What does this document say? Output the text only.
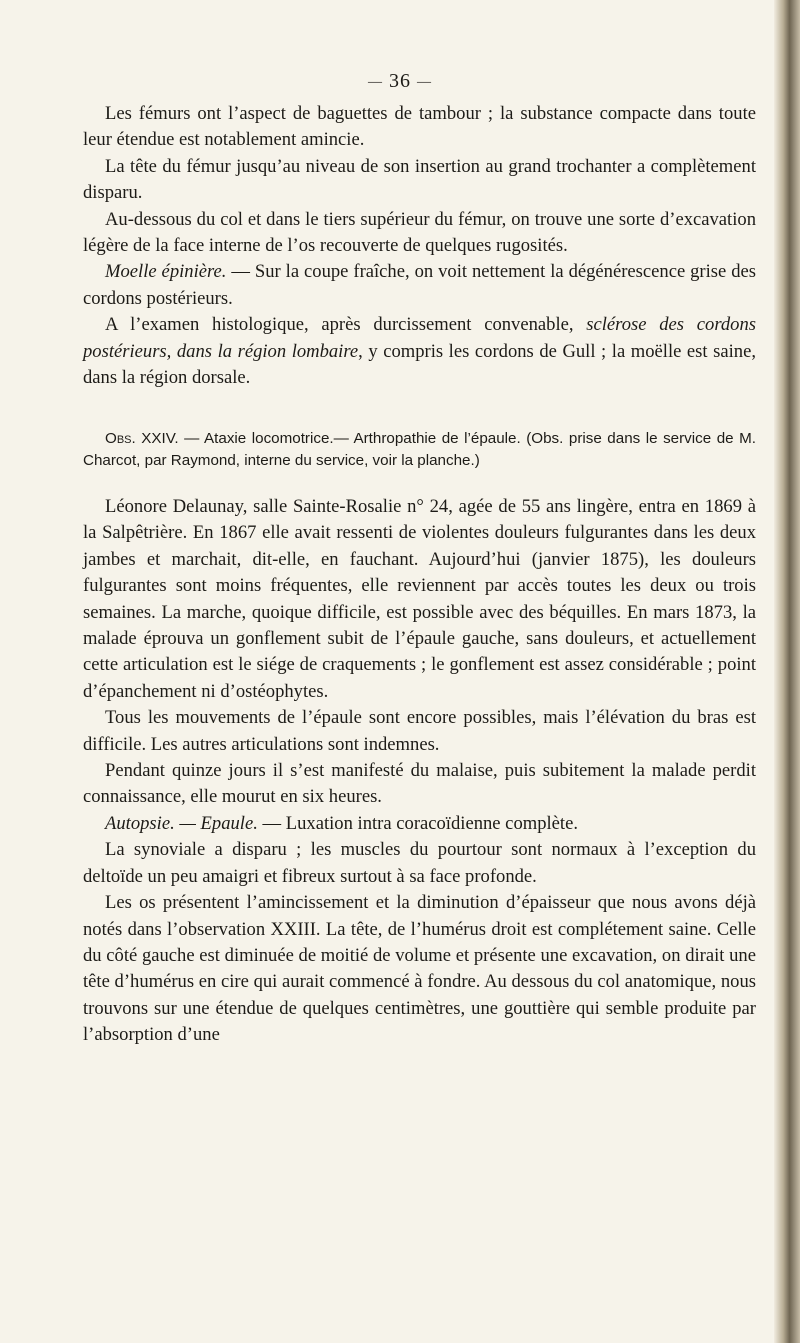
— 36 —

Les fémurs ont l’aspect de baguettes de tambour ; la substance compacte dans toute leur étendue est notablement amincie.

La tête du fémur jusqu’au niveau de son insertion au grand trochanter a complètement disparu.

Au-dessous du col et dans le tiers supérieur du fémur, on trouve une sorte d’excavation légère de la face interne de l’os recouverte de quelques rugosités.

Moelle épinière. — Sur la coupe fraîche, on voit nettement la dégénérescence grise des cordons postérieurs.

A l’examen histologique, après durcissement convenable, sclérose des cordons postérieurs, dans la région lombaire, y compris les cordons de Gull ; la moëlle est saine, dans la région dorsale.

Obs. XXIV. — Ataxie locomotrice.— Arthropathie de l’épaule. (Obs. prise dans le service de M. Charcot, par Raymond, interne du service, voir la planche.)

Léonore Delaunay, salle Sainte-Rosalie n° 24, agée de 55 ans lingère, entra en 1869 à la Salpêtrière. En 1867 elle avait ressenti de violentes douleurs fulgurantes dans les deux jambes et marchait, dit-elle, en fauchant. Aujourd’hui (janvier 1875), les douleurs fulgurantes sont moins fréquentes, elle reviennent par accès toutes les deux ou trois semaines. La marche, quoique difficile, est possible avec des béquilles. En mars 1873, la malade éprouva un gonflement subit de l’épaule gauche, sans douleurs, et actuellement cette articulation est le siége de craquements ; le gonflement est assez considérable ; point d’épanchement ni d’ostéophytes.

Tous les mouvements de l’épaule sont encore possibles, mais l’élévation du bras est difficile. Les autres articulations sont indemnes.

Pendant quinze jours il s’est manifesté du malaise, puis subitement la malade perdit connaissance, elle mourut en six heures.

Autopsie. — Epaule. — Luxation intra coracoïdienne complète.

La synoviale a disparu ; les muscles du pourtour sont normaux à l’exception du deltoïde un peu amaigri et fibreux surtout à sa face profonde.

Les os présentent l’amincissement et la diminution d’épaisseur que nous avons déjà notés dans l’observation XXIII. La tête, de l’humérus droit est complétement saine. Celle du côté gauche est diminuée de moitié de volume et présente une excavation, on dirait une tête d’humérus en cire qui aurait commencé à fondre. Au dessous du col anatomique, nous trouvons sur une étendue de quelques centimètres, une gouttière qui semble produite par l’absorption d’une
